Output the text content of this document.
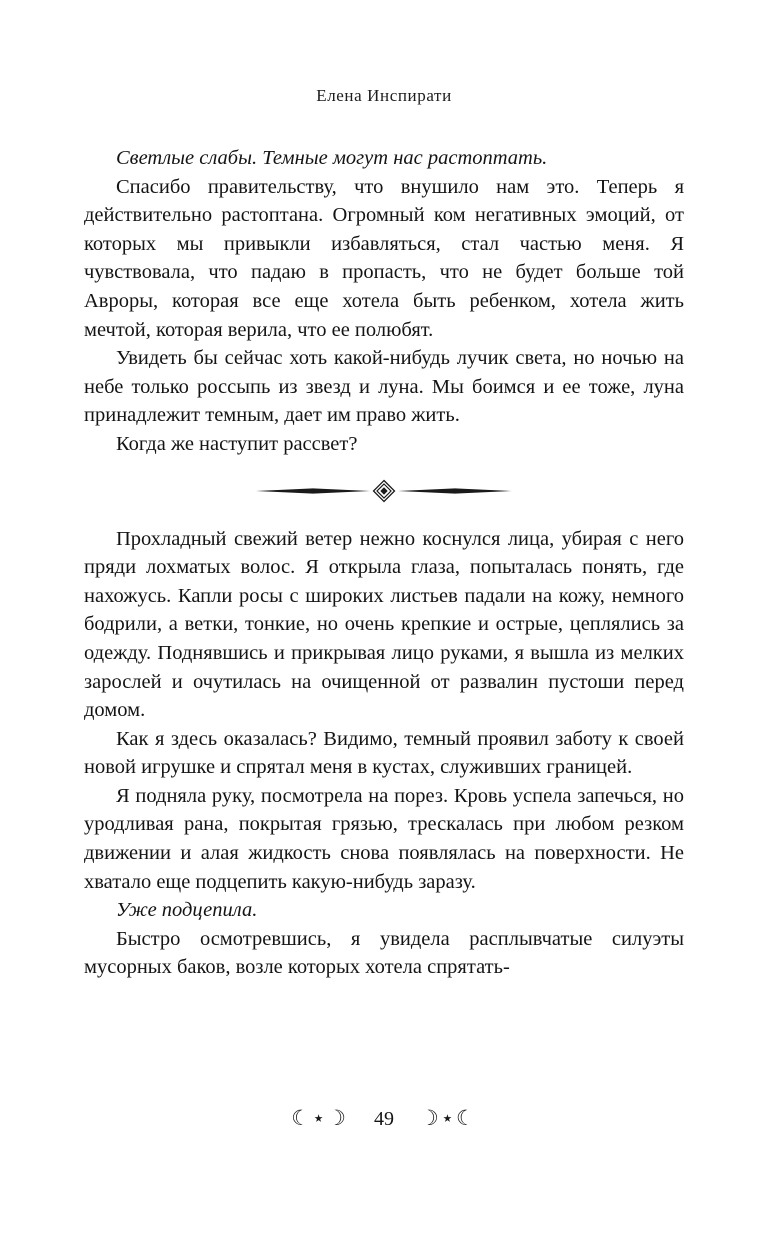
Елена Инспирати

Светлые слабы. Темные могут нас растоптать.

Спасибо правительству, что внушило нам это. Теперь я действительно растоптана. Огромный ком негативных эмоций, от которых мы привыкли избавляться, стал частью меня. Я чувствовала, что падаю в пропасть, что не будет больше той Авроры, которая все еще хотела быть ребенком, хотела жить мечтой, которая верила, что ее полюбят.

Увидеть бы сейчас хоть какой-нибудь лучик света, но ночью на небе только россыпь из звезд и луна. Мы боимся и ее тоже, луна принадлежит темным, дает им право жить.

Когда же наступит рассвет?

Прохладный свежий ветер нежно коснулся лица, убирая с него пряди лохматых волос. Я открыла глаза, попыталась понять, где нахожусь. Капли росы с широких листьев падали на кожу, немного бодрили, а ветки, тонкие, но очень крепкие и острые, цеплялись за одежду. Поднявшись и прикрывая лицо руками, я вышла из мелких зарослей и очутилась на очищенной от развалин пустоши перед домом.

Как я здесь оказалась? Видимо, темный проявил заботу к своей новой игрушке и спрятал меня в кустах, служивших границей.

Я подняла руку, посмотрела на порез. Кровь успела запечься, но уродливая рана, покрытая грязью, трескалась при любом резком движении и алая жидкость снова появлялась на поверхности. Не хватало еще подцепить какую-нибудь заразу.

Уже подцепила.

Быстро осмотревшись, я увидела расплывчатые силуэты мусорных баков, возле которых хотела спрятать-

☾⋆☽ 49 ☽⋆☾
